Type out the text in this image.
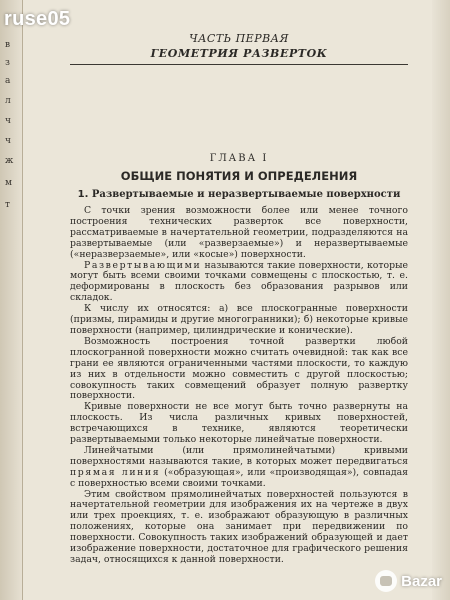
в
з
а
л
ч
ч
ж
м
т
ruse05
ЧАСТЬ ПЕРВАЯ
ГЕОМЕТРИЯ РАЗВЕРТОК
ГЛАВА I
ОБЩИЕ ПОНЯТИЯ И ОПРЕДЕЛЕНИЯ
1. Развертываемые и неразвертываемые поверхности

С точки зрения возможности более или менее точного построения технических разверток все поверхности, рассматриваемые в начертательной геометрии, подразделяются на развертываемые (или «разверзаемые») и неразвертываемые («неразверзаемые», или «косые») поверхности.

Развертывающими называются такие поверхности, которые могут быть всеми своими точками совмещены с плоскостью, т. е. деформированы в плоскость без образования разрывов или складок.

К числу их относятся: а) все плоскогранные поверхности (призмы, пирамиды и другие многогранники); б) некоторые кривые поверхности (например, цилиндрические и конические).

Возможность построения точной развертки любой плоскогранной поверхности можно считать очевидной: так как все грани ее являются ограниченными частями плоскости, то каждую из них в отдельности можно совместить с другой плоскостью; совокупность таких совмещений образует полную развертку поверхности.

Кривые поверхности не все могут быть точно развернуты на плоскость. Из числа различных кривых поверхностей, встречающихся в технике, являются теоретически развертываемыми только некоторые линейчатые поверхности.

Линейчатыми (или прямолинейчатыми) кривыми поверхностями называются такие, в которых может передвигаться прямая линия («образующая», или «производящая»), совпадая с поверхностью всеми своими точками.

Этим свойством прямолинейчатых поверхностей пользуются в начертательной геометрии для изображения их на чертеже в двух или трех проекциях, т. е. изображают образующую в различных положениях, которые она занимает при передвижении по поверхности. Совокупность таких изображений образующей и дает изображение поверхности, достаточное для графического решения задач, относящихся к данной поверхности.

Bazar
